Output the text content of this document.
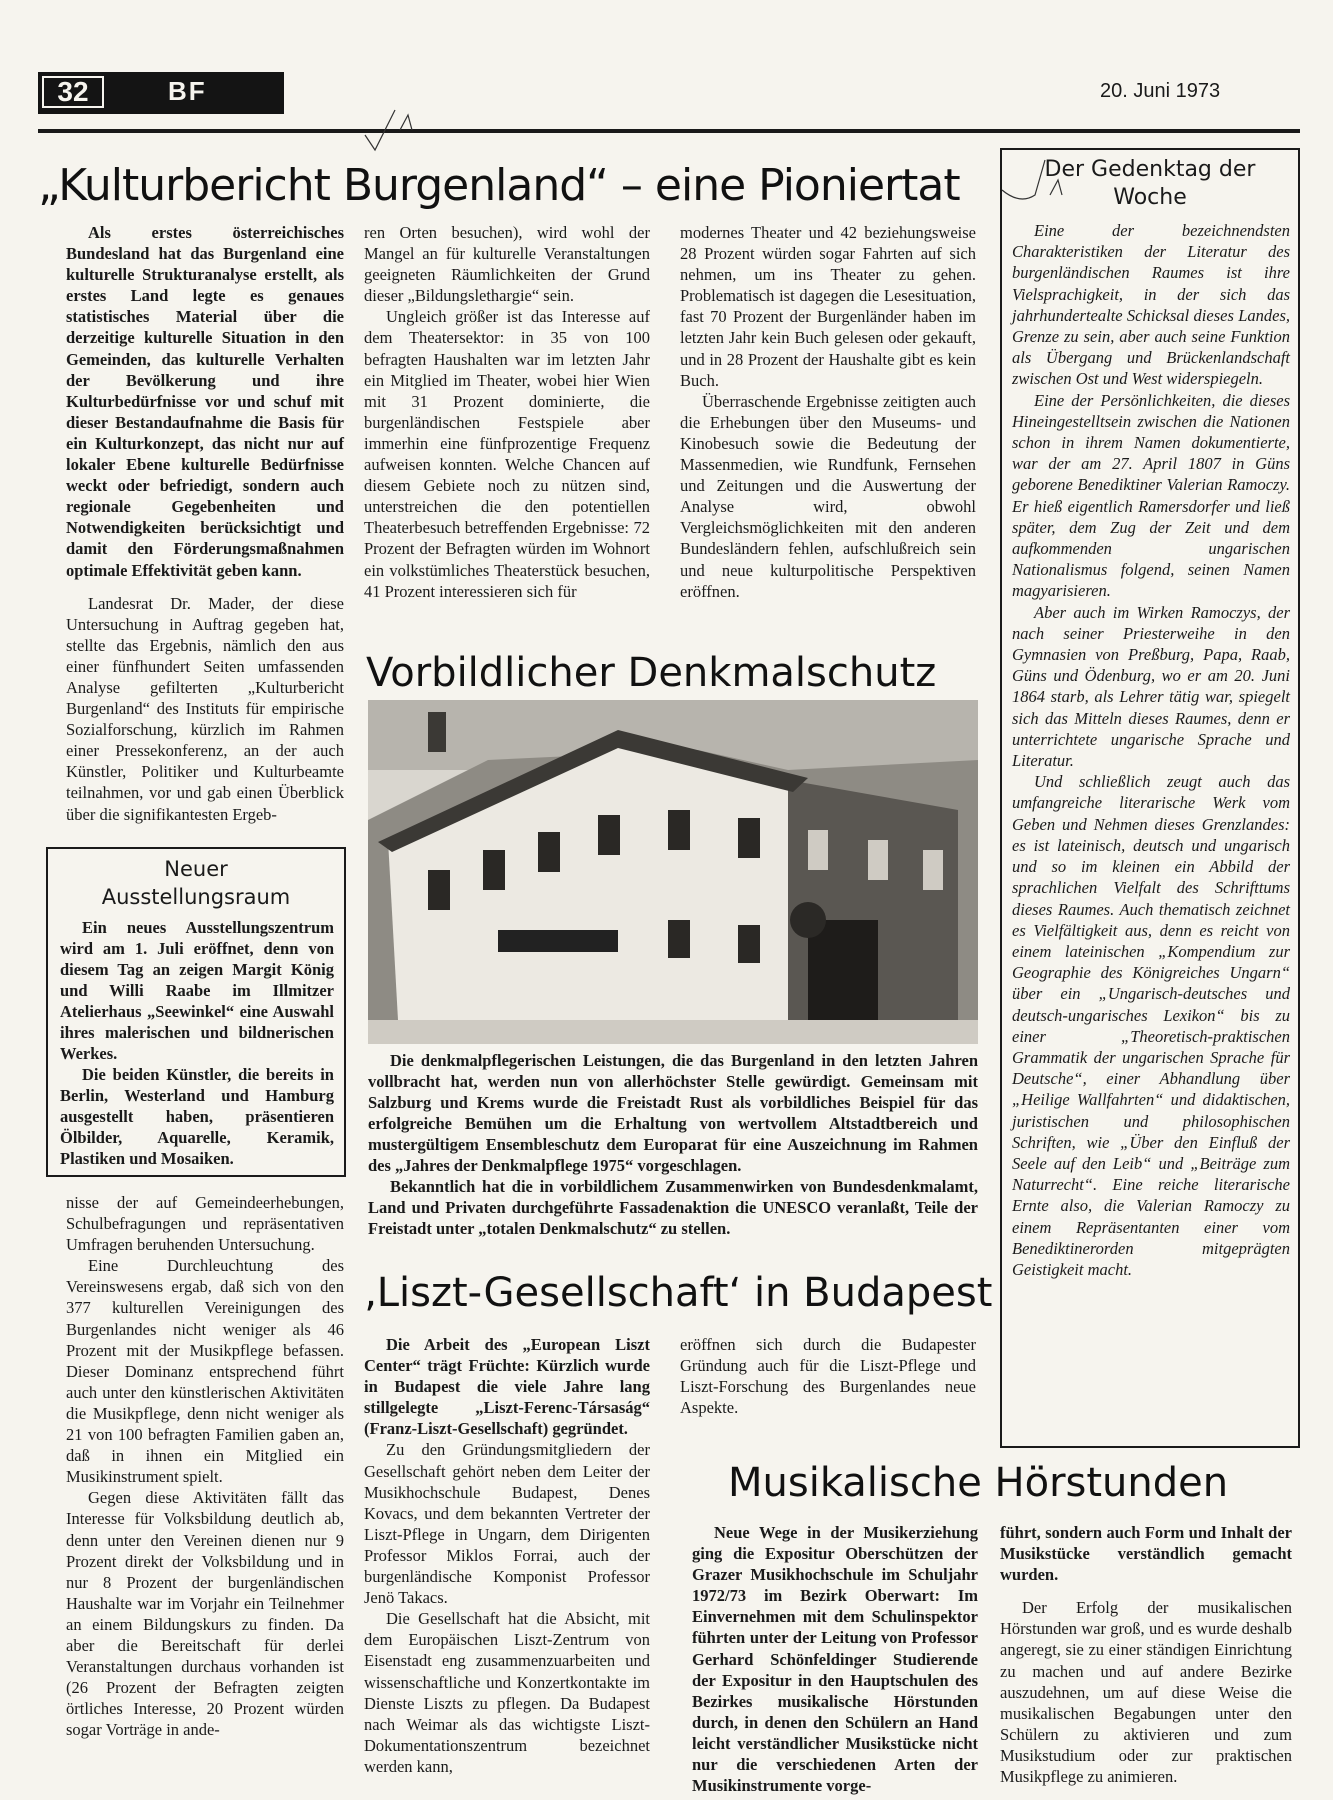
32	BF	20. Juni 1973
„Kulturbericht Burgenland“ – eine Pioniertat

Als erstes österreichisches Bundesland hat das Burgenland eine kulturelle Strukturanalyse erstellt, als erstes Land legte es genaues statistisches Material über die derzeitige kulturelle Situation in den Gemeinden, das kulturelle Verhalten der Bevölkerung und ihre Kulturbedürfnisse vor und schuf mit dieser Bestandaufnahme die Basis für ein Kulturkonzept, das nicht nur auf lokaler Ebene kulturelle Bedürfnisse weckt oder befriedigt, sondern auch regionale Gegebenheiten und Notwendigkeiten berücksichtigt und damit den Förderungsmaßnahmen optimale Effektivität geben kann.

Landesrat Dr. Mader, der diese Untersuchung in Auftrag gegeben hat, stellte das Ergebnis, nämlich den aus einer fünfhundert Seiten umfassenden Analyse gefilterten „Kulturbericht Burgenland“ des Instituts für empirische Sozialforschung, kürzlich im Rahmen einer Pressekonferenz, an der auch Künstler, Politiker und Kulturbeamte teilnahmen, vor und gab einen Überblick über die signifikantesten Ergeb-

Neuer
Ausstellungsraum

Ein neues Ausstellungszentrum wird am 1. Juli eröffnet, denn von diesem Tag an zeigen Margit König und Willi Raabe im Illmitzer Atelierhaus „Seewinkel“ eine Auswahl ihres malerischen und bildnerischen Werkes.

Die beiden Künstler, die bereits in Berlin, Westerland und Hamburg ausgestellt haben, präsentieren Ölbilder, Aquarelle, Keramik, Plastiken und Mosaiken.

nisse der auf Gemeindeerhebungen, Schulbefragungen und repräsentativen Umfragen beruhenden Untersuchung.

Eine Durchleuchtung des Vereinswesens ergab, daß sich von den 377 kulturellen Vereinigungen des Burgenlandes nicht weniger als 46 Prozent mit der Musikpflege befassen. Dieser Dominanz entsprechend führt auch unter den künstlerischen Aktivitäten die Musikpflege, denn nicht weniger als 21 von 100 befragten Familien gaben an, daß in ihnen ein Mitglied ein Musikinstrument spielt.

Gegen diese Aktivitäten fällt das Interesse für Volksbildung deutlich ab, denn unter den Vereinen dienen nur 9 Prozent direkt der Volksbildung und in nur 8 Prozent der burgenländischen Haushalte war im Vorjahr ein Teilnehmer an einem Bildungskurs zu finden. Da aber die Bereitschaft für derlei Veranstaltungen durchaus vorhanden ist (26 Prozent der Befragten zeigten örtliches Interesse, 20 Prozent würden sogar Vorträge in ande-

ren Orten besuchen), wird wohl der Mangel an für kulturelle Veranstaltungen geeigneten Räumlichkeiten der Grund dieser „Bildungslethargie“ sein.

Ungleich größer ist das Interesse auf dem Theatersektor: in 35 von 100 befragten Haushalten war im letzten Jahr ein Mitglied im Theater, wobei hier Wien mit 31 Prozent dominierte, die burgenländischen Festspiele aber immerhin eine fünfprozentige Frequenz aufweisen konnten. Welche Chancen auf diesem Gebiete noch zu nützen sind, unterstreichen die den potentiellen Theaterbesuch betreffenden Ergebnisse: 72 Prozent der Befragten würden im Wohnort ein volkstümliches Theaterstück besuchen, 41 Prozent interessieren sich für

modernes Theater und 42 beziehungsweise 28 Prozent würden sogar Fahrten auf sich nehmen, um ins Theater zu gehen. Problematisch ist dagegen die Lesesituation, fast 70 Prozent der Burgenländer haben im letzten Jahr kein Buch gelesen oder gekauft, und in 28 Prozent der Haushalte gibt es kein Buch.

Überraschende Ergebnisse zeitigten auch die Erhebungen über den Museums- und Kinobesuch sowie die Bedeutung der Massenmedien, wie Rundfunk, Fernsehen und Zeitungen und die Auswertung der Analyse wird, obwohl Vergleichsmöglichkeiten mit den anderen Bundesländern fehlen, aufschlußreich sein und neue kulturpolitische Perspektiven eröffnen.

Vorbildlicher Denkmalschutz

Die denkmalpflegerischen Leistungen, die das Burgenland in den letzten Jahren vollbracht hat, werden nun von allerhöchster Stelle gewürdigt. Gemeinsam mit Salzburg und Krems wurde die Freistadt Rust als vorbildliches Beispiel für das erfolgreiche Bemühen um die Erhaltung von wertvollem Altstadtbereich und mustergültigem Ensembleschutz dem Europarat für eine Auszeichnung im Rahmen des „Jahres der Denkmalpflege 1975“ vorgeschlagen.

Bekanntlich hat die in vorbildlichem Zusammenwirken von Bundesdenkmalamt, Land und Privaten durchgeführte Fassadenaktion die UNESCO veranlaßt, Teile der Freistadt unter „totalen Denkmalschutz“ zu stellen.

‚Liszt-Gesellschaft‘ in Budapest

Die Arbeit des „European Liszt Center“ trägt Früchte: Kürzlich wurde in Budapest die viele Jahre lang stillgelegte „Liszt-Ferenc-Társaság“ (Franz-Liszt-Gesellschaft) gegründet.

Zu den Gründungsmitgliedern der Gesellschaft gehört neben dem Leiter der Musikhochschule Budapest, Denes Kovacs, und dem bekannten Vertreter der Liszt-Pflege in Ungarn, dem Dirigenten Professor Miklos Forrai, auch der burgenländische Komponist Professor Jenö Takacs.

Die Gesellschaft hat die Absicht, mit dem Europäischen Liszt-Zentrum von Eisenstadt eng zusammenzuarbeiten und wissenschaftliche und Konzertkontakte im Dienste Liszts zu pflegen. Da Budapest nach Weimar als das wichtigste Liszt-Dokumentationszentrum bezeichnet werden kann,

eröffnen sich durch die Budapester Gründung auch für die Liszt-Pflege und Liszt-Forschung des Burgenlandes neue Aspekte.

Der Gedenktag der
Woche

Eine der bezeichnendsten Charakteristiken der Literatur des burgenländischen Raumes ist ihre Vielsprachigkeit, in der sich das jahrhundertealte Schicksal dieses Landes, Grenze zu sein, aber auch seine Funktion als Übergang und Brückenlandschaft zwischen Ost und West widerspiegeln.

Eine der Persönlichkeiten, die dieses Hineingestelltsein zwischen die Nationen schon in ihrem Namen dokumentierte, war der am 27. April 1807 in Güns geborene Benediktiner Valerian Ramoczy. Er hieß eigentlich Ramersdorfer und ließ später, dem Zug der Zeit und dem aufkommenden ungarischen Nationalismus folgend, seinen Namen magyarisieren.

Aber auch im Wirken Ramoczys, der nach seiner Priesterweihe in den Gymnasien von Preßburg, Papa, Raab, Güns und Ödenburg, wo er am 20. Juni 1864 starb, als Lehrer tätig war, spiegelt sich das Mitteln dieses Raumes, denn er unterrichtete ungarische Sprache und Literatur.

Und schließlich zeugt auch das umfangreiche literarische Werk vom Geben und Nehmen dieses Grenzlandes: es ist lateinisch, deutsch und ungarisch und so im kleinen ein Abbild der sprachlichen Vielfalt des Schrifttums dieses Raumes. Auch thematisch zeichnet es Vielfältigkeit aus, denn es reicht von einem lateinischen „Kompendium zur Geographie des Königreiches Ungarn“ über ein „Ungarisch-deutsches und deutsch-ungarisches Lexikon“ bis zu einer „Theoretisch-praktischen Grammatik der ungarischen Sprache für Deutsche“, einer Abhandlung über „Heilige Wallfahrten“ und didaktischen, juristischen und philosophischen Schriften, wie „Über den Einfluß der Seele auf den Leib“ und „Beiträge zum Naturrecht“. Eine reiche literarische Ernte also, die Valerian Ramoczy zu einem Repräsentanten einer vom Benediktinerorden mitgeprägten Geistigkeit macht.

Musikalische Hörstunden

Neue Wege in der Musikerziehung ging die Expositur Oberschützen der Grazer Musikhochschule im Schuljahr 1972/73 im Bezirk Oberwart: Im Einvernehmen mit dem Schulinspektor führten unter der Leitung von Professor Gerhard Schönfeldinger Studierende der Expositur in den Hauptschulen des Bezirkes musikalische Hörstunden durch, in denen den Schülern an Hand leicht verständlicher Musikstücke nicht nur die verschiedenen Arten der Musikinstrumente vorge-

führt, sondern auch Form und Inhalt der Musikstücke verständlich gemacht wurden.

Der Erfolg der musikalischen Hörstunden war groß, und es wurde deshalb angeregt, sie zu einer ständigen Einrichtung zu machen und auf andere Bezirke auszudehnen, um auf diese Weise die musikalischen Begabungen unter den Schülern zu aktivieren und zum Musikstudium oder zur praktischen Musikpflege zu animieren.
